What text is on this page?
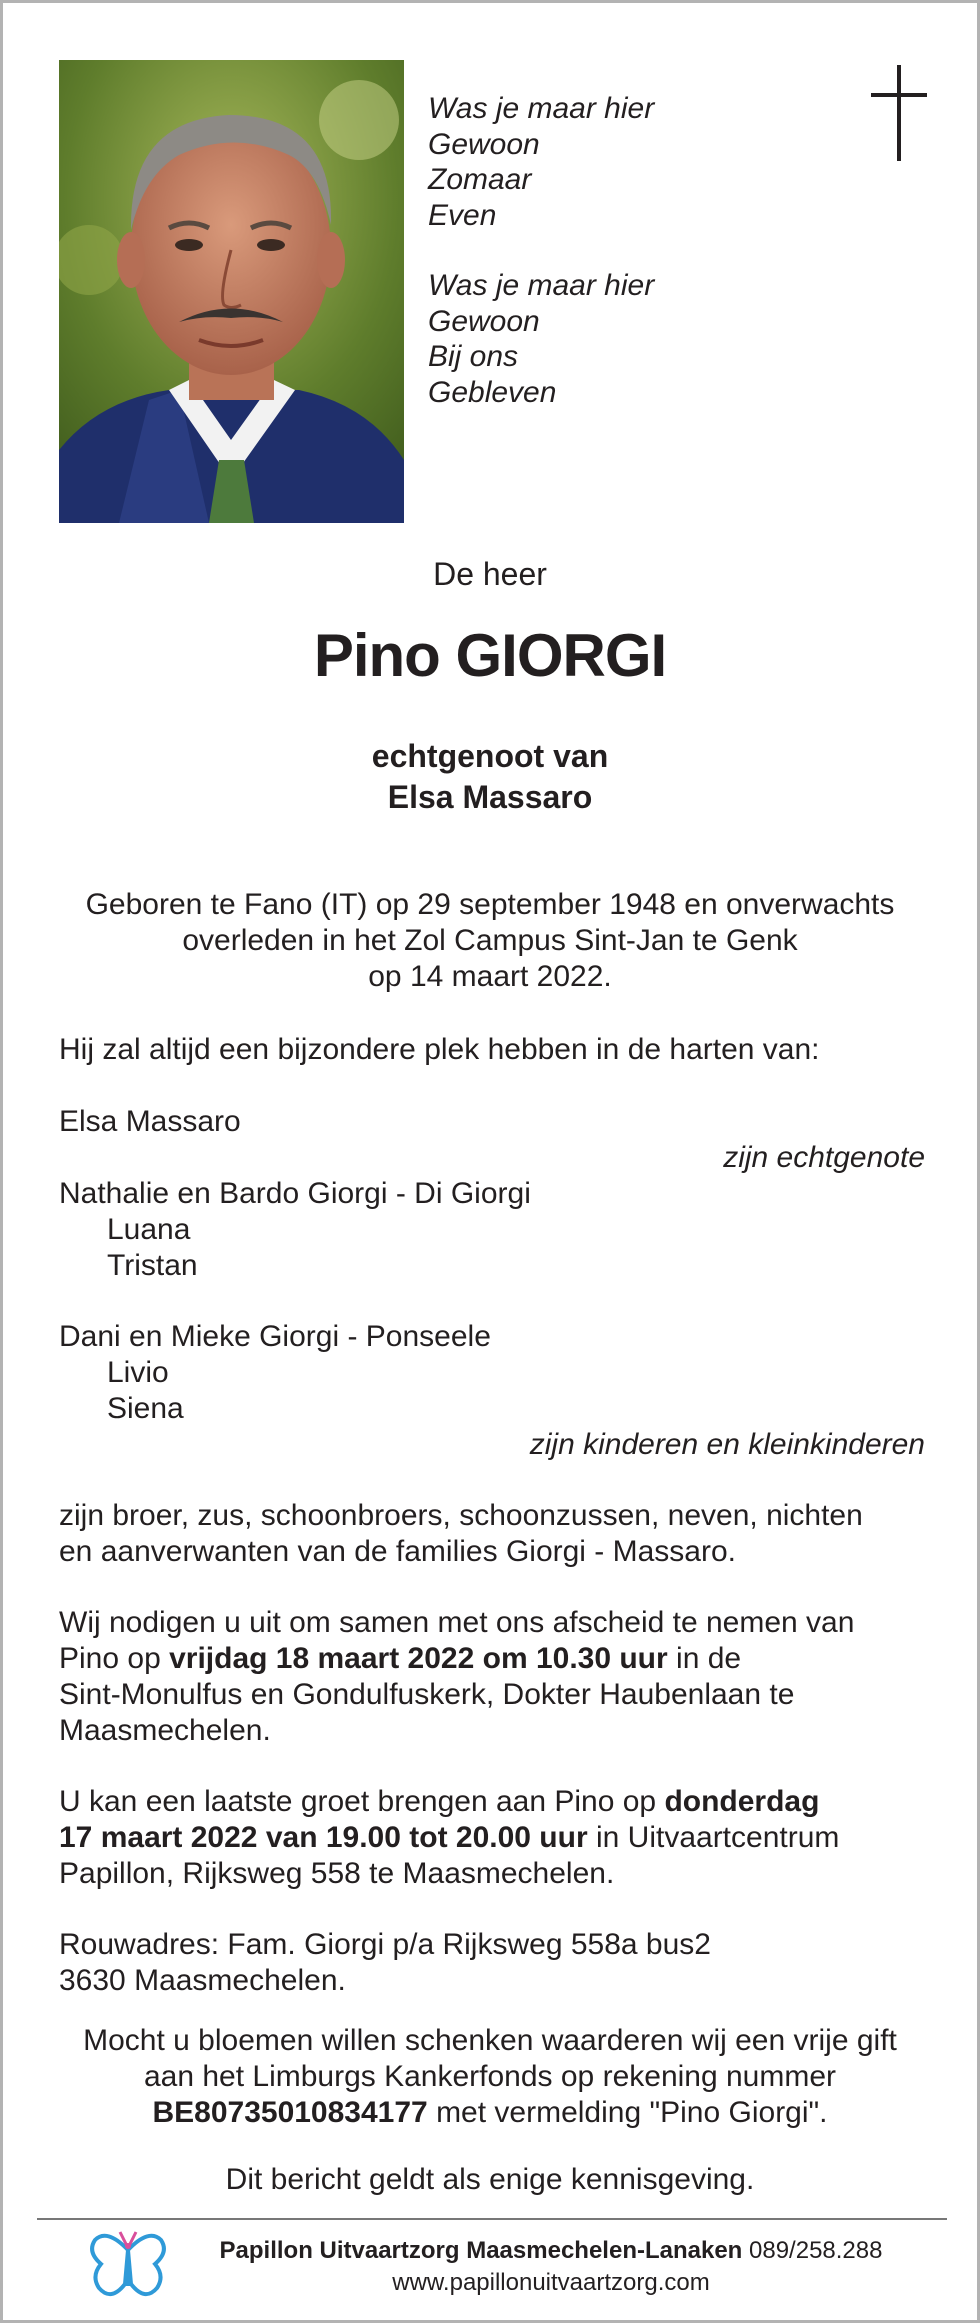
Was je maar hier

Gewoon

Zomaar

Even

Was je maar hier

Gewoon

Bij ons

Gebleven

De heer
Pino GIORGI
echtgenoot van
Elsa Massaro
Geboren te Fano (IT) op 29 september 1948 en onverwachts
overleden in het Zol Campus Sint-Jan te Genk
op 14 maart 2022.

Hij zal altijd een bijzondere plek hebben in de harten van:

Elsa Massaro

zijn echtgenote

Nathalie en Bardo Giorgi - Di Giorgi

Luana

Tristan

Dani en Mieke Giorgi - Ponseele

Livio

Siena

zijn kinderen en kleinkinderen

zijn broer, zus, schoonbroers, schoonzussen, neven, nichten

en aanverwanten van de families Giorgi - Massaro.

Wij nodigen u uit om samen met ons afscheid te nemen van

Pino op vrijdag 18 maart 2022 om 10.30 uur in de

Sint-Monulfus en Gondulfuskerk, Dokter Haubenlaan te

Maasmechelen.

U kan een laatste groet brengen aan Pino op donderdag

17 maart 2022 van 19.00 tot 20.00 uur in Uitvaartcentrum

Papillon, Rijksweg 558 te Maasmechelen.

Rouwadres: Fam. Giorgi p/a Rijksweg 558a bus2

3630 Maasmechelen.

Mocht u bloemen willen schenken waarderen wij een vrije gift
aan het Limburgs Kankerfonds op rekening nummer
BE80735010834177 met vermelding "Pino Giorgi".
Dit bericht geldt als enige kennisgeving.
Papillon Uitvaartzorg Maasmechelen-Lanaken 089/258.288
www.papillonuitvaartzorg.com
